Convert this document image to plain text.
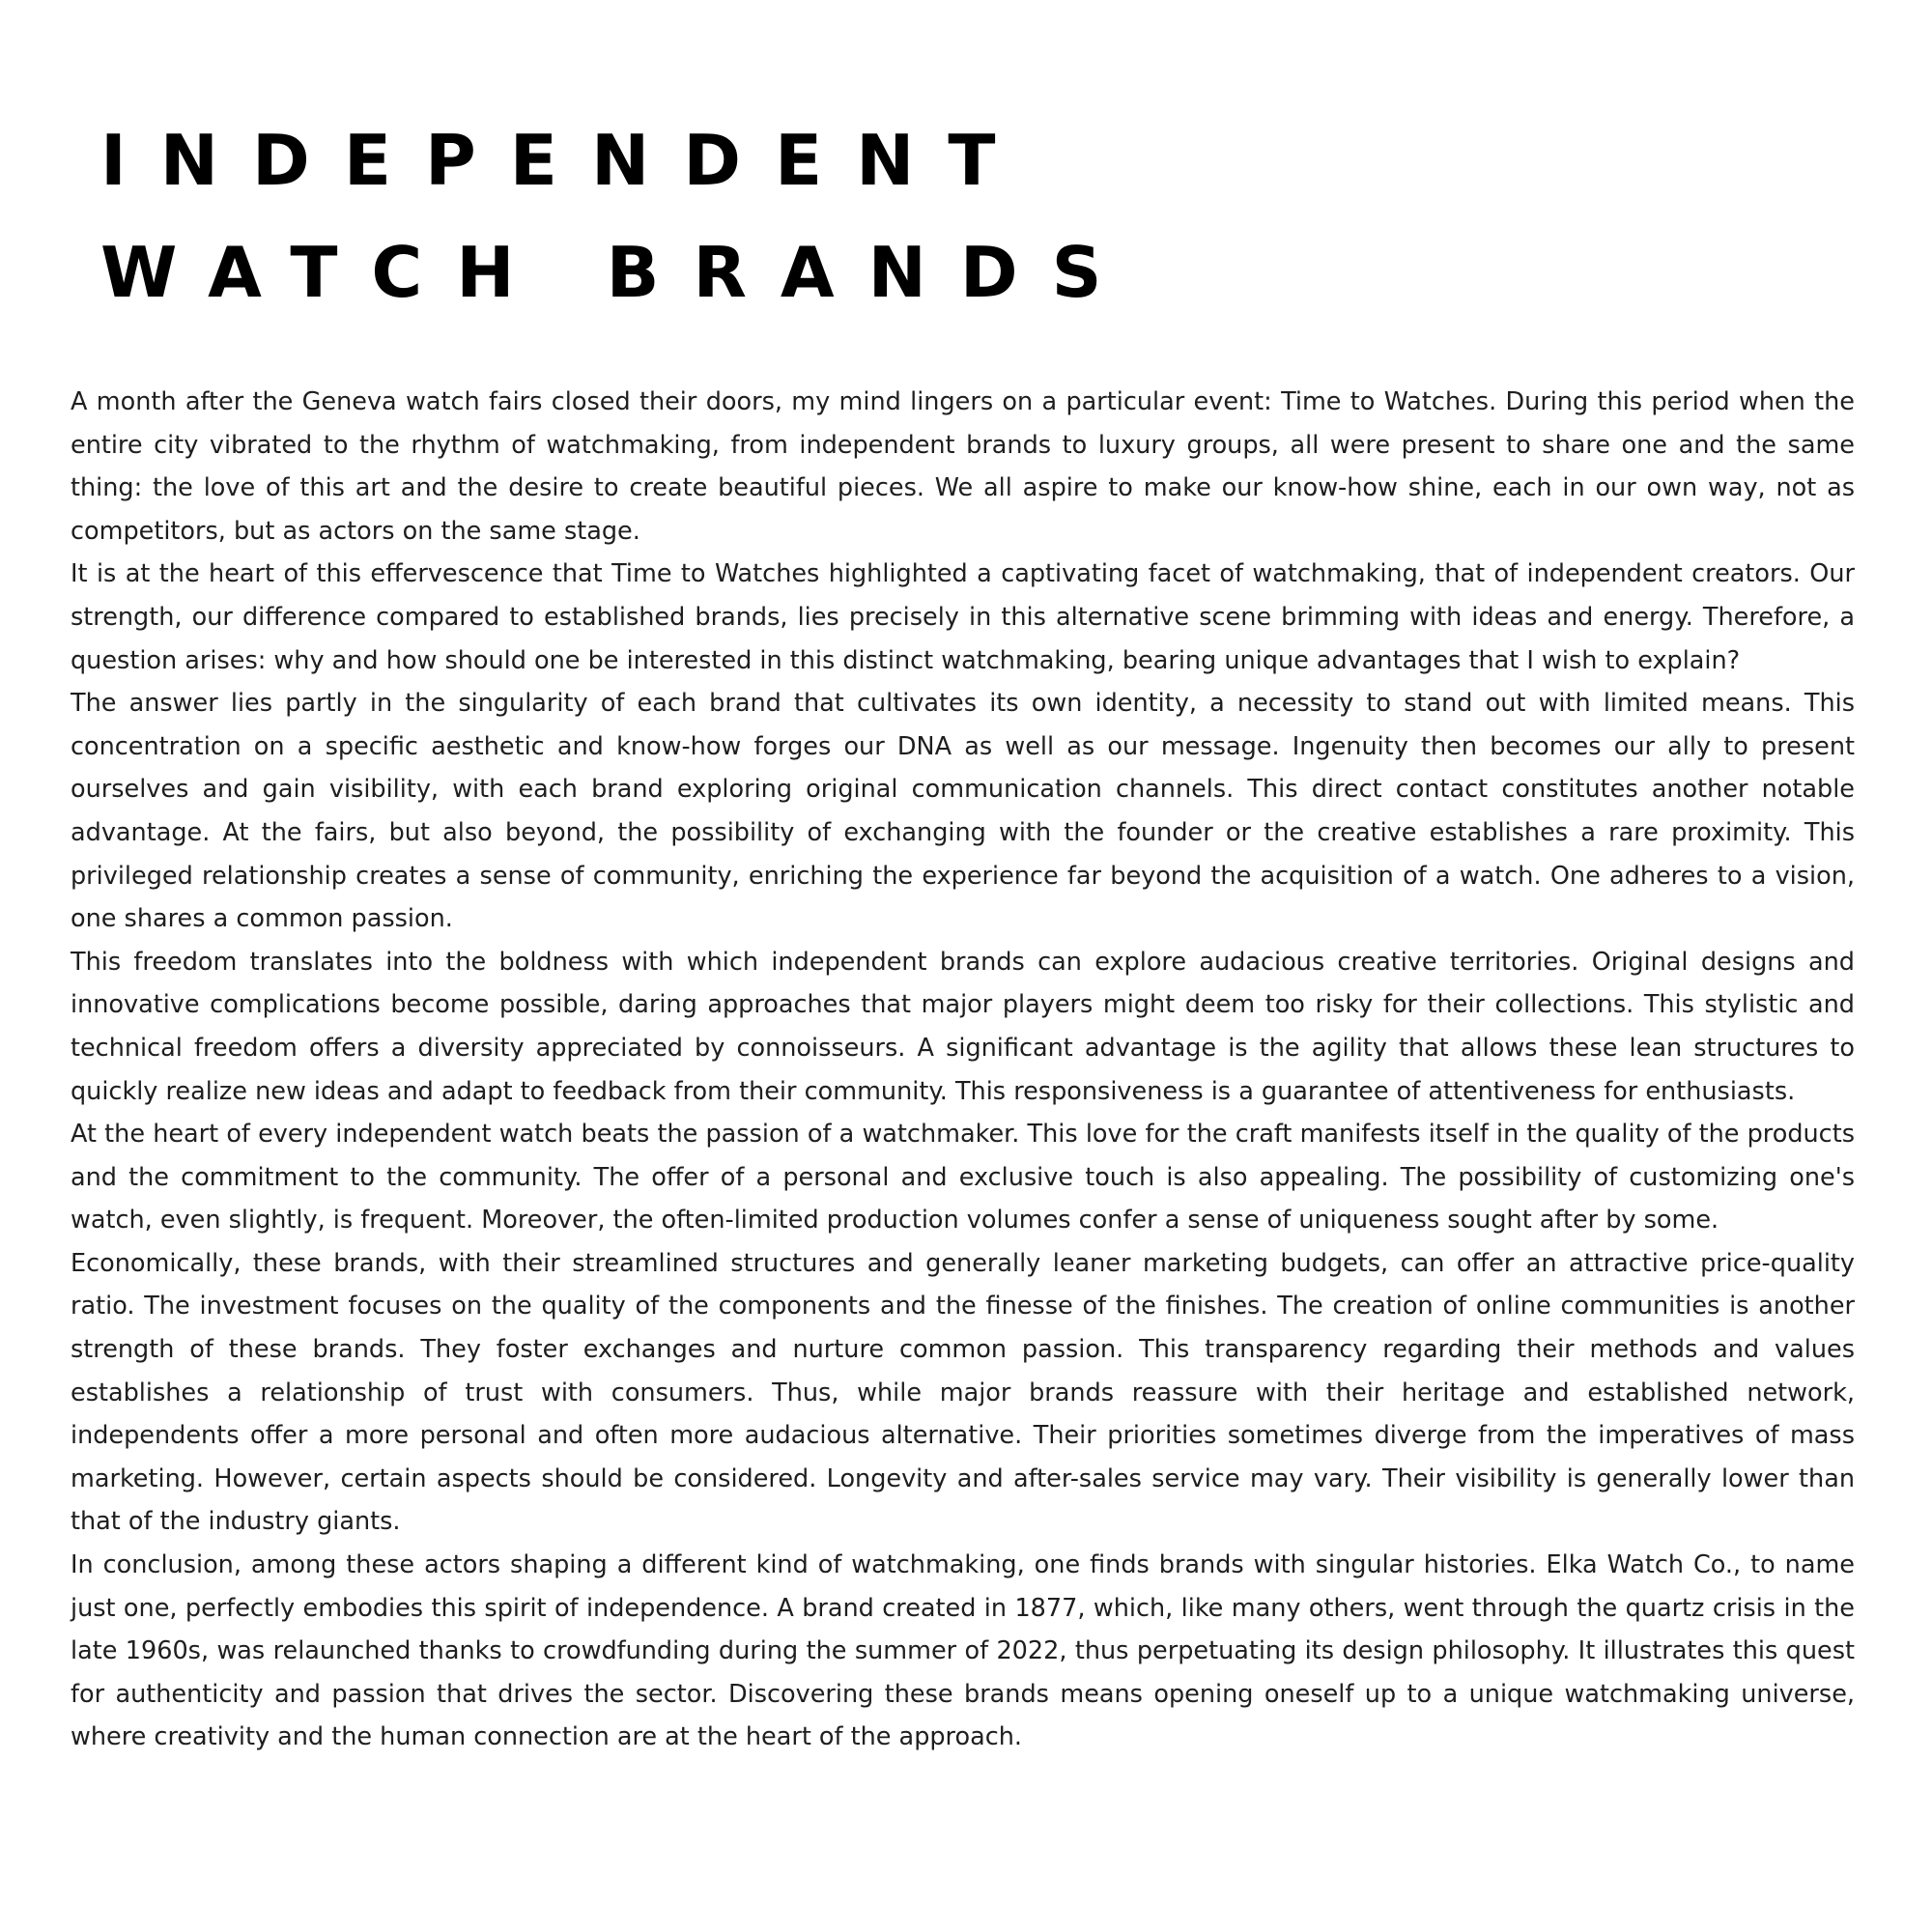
INDEPENDENT
WATCH BRANDS

A month after the Geneva watch fairs closed their doors, my mind lingers on a particular event: Time to Watches. During this period when the entire city vibrated to the rhythm of watchmaking, from independent brands to luxury groups, all were present to share one and the same thing: the love of this art and the desire to create beautiful pieces. We all aspire to make our know-how shine, each in our own way, not as competitors, but as actors on the same stage.

It is at the heart of this effervescence that Time to Watches highlighted a captivating facet of watchmaking, that of independent creators. Our strength, our difference compared to established brands, lies precisely in this alternative scene brimming with ideas and energy. Therefore, a question arises: why and how should one be interested in this distinct watchmaking, bearing unique advantages that I wish to explain?

The answer lies partly in the singularity of each brand that cultivates its own identity, a necessity to stand out with limited means. This concentration on a specific aesthetic and know-how forges our DNA as well as our message. Ingenuity then becomes our ally to present ourselves and gain visibility, with each brand exploring original communication channels. This direct contact constitutes another notable advantage. At the fairs, but also beyond, the possibility of exchanging with the founder or the creative establishes a rare proximity. This privileged relationship creates a sense of community, enriching the experience far beyond the acquisition of a watch. One adheres to a vision, one shares a common passion.

This freedom translates into the boldness with which independent brands can explore audacious creative territories. Original designs and innovative complications become possible, daring approaches that major players might deem too risky for their collections. This stylistic and technical freedom offers a diversity appreciated by connoisseurs. A significant advantage is the agility that allows these lean structures to quickly realize new ideas and adapt to feedback from their community. This responsiveness is a guarantee of attentiveness for enthusiasts.

At the heart of every independent watch beats the passion of a watchmaker. This love for the craft manifests itself in the quality of the products and the commitment to the community. The offer of a personal and exclusive touch is also appealing. The possibility of customizing one's watch, even slightly, is frequent. Moreover, the often-limited production volumes confer a sense of uniqueness sought after by some.

Economically, these brands, with their streamlined structures and generally leaner marketing budgets, can offer an attractive price-quality ratio. The investment focuses on the quality of the components and the finesse of the finishes. The creation of online communities is another strength of these brands. They foster exchanges and nurture common passion. This transparency regarding their methods and values establishes a relationship of trust with consumers. Thus, while major brands reassure with their heritage and established network, independents offer a more personal and often more audacious alternative. Their priorities sometimes diverge from the imperatives of mass marketing. However, certain aspects should be considered. Longevity and after-sales service may vary. Their visibility is generally lower than that of the industry giants.

In conclusion, among these actors shaping a different kind of watchmaking, one finds brands with singular histories. Elka Watch Co., to name just one, perfectly embodies this spirit of independence. A brand created in 1877, which, like many others, went through the quartz crisis in the late 1960s, was relaunched thanks to crowdfunding during the summer of 2022, thus perpetuating its design philosophy. It illustrates this quest for authenticity and passion that drives the sector. Discovering these brands means opening oneself up to a unique watchmaking universe, where creativity and the human connection are at the heart of the approach.
